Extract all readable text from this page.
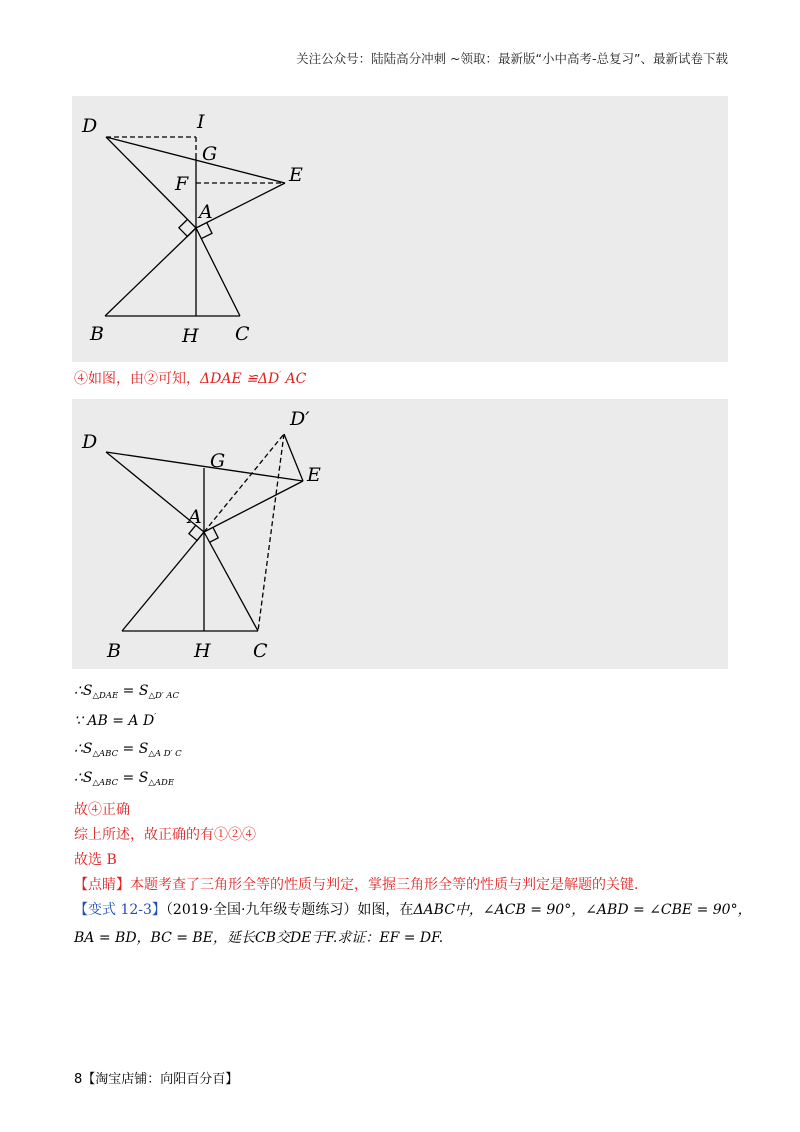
关注公众号：陆陆高分冲刺 ~领取：最新版“小中高考-总复习”、最新试卷下载
D	I
G
F	E
A
B	H C
④如图，由②可知，ΔDAE ≌ΔD′ AC
D
D′
G
E
A
B	H C
$\therefore S_{\triangle DAE} = S_{\triangle D' AC}$
∵ AB = A D′
$\therefore S_{\triangle ABC} = S_{\triangle A D' C}$
$\therefore S_{\triangle ABC} = S_{\triangle ADE}$
故④正确
综上所述，故正确的有①②④
故选 B
【点睛】本题考查了三角形全等的性质与判定，掌握三角形全等的性质与判定是解题的关键.
【变式 12-3】（2019·全国·九年级专题练习）如图，在ΔABC中，∠ACB = 90°，∠ABD = ∠CBE = 90°，
BA = BD，BC = BE，延长CB交DE于F.求证：EF = DF.
8【淘宝店铺：向阳百分百】
